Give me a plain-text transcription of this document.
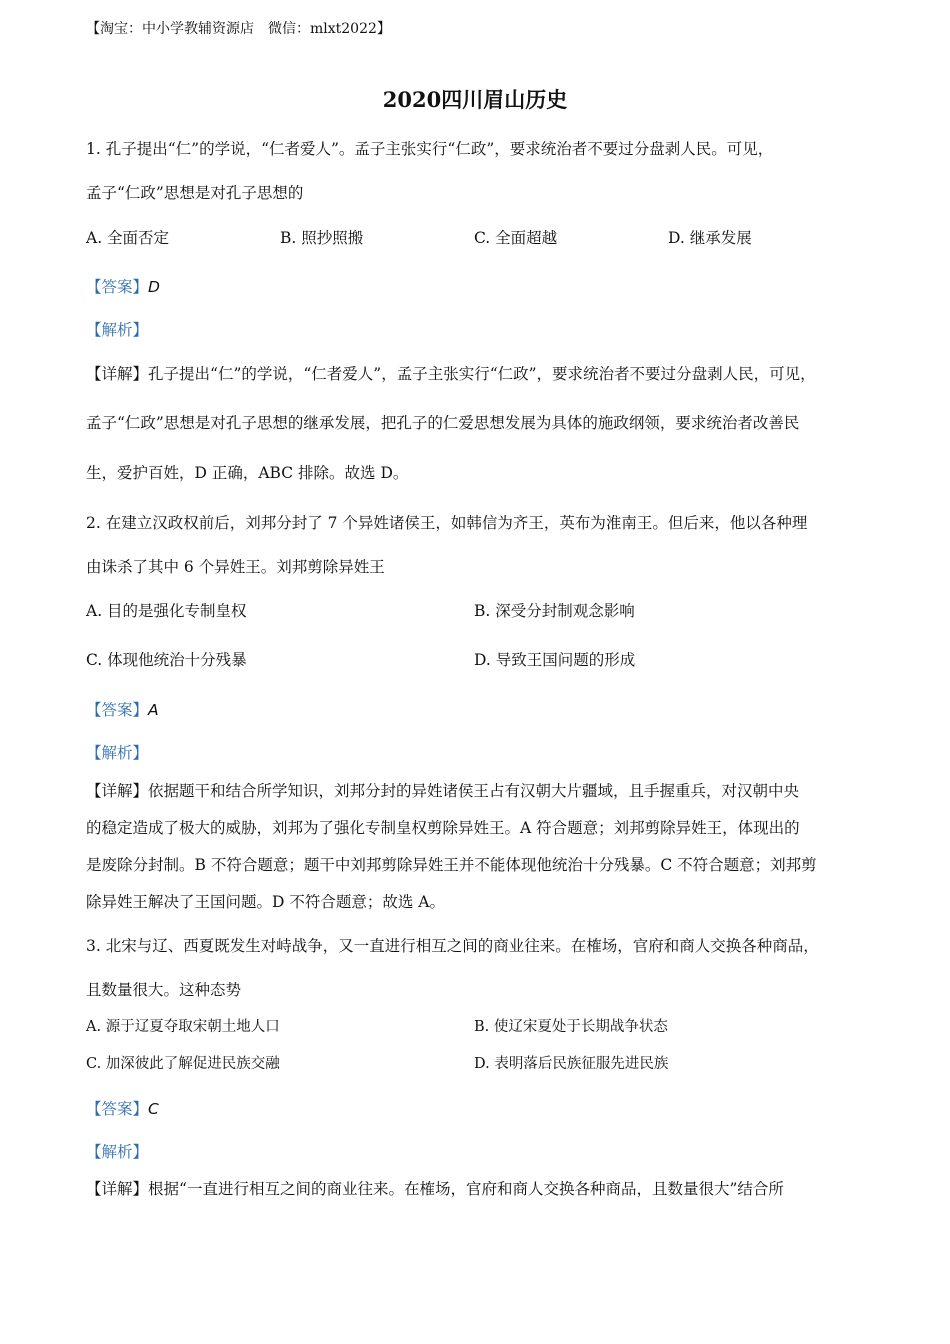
【淘宝：中小学教辅资源店　微信：mlxt2022】
2020四川眉山历史
1. 孔子提出“仁”的学说，“仁者爱人”。孟子主张实行“仁政”，要求统治者不要过分盘剥人民。可见，
孟子“仁政”思想是对孔子思想的
A. 全面否定	B. 照抄照搬	C. 全面超越	D. 继承发展
【答案】D
【解析】
【详解】孔子提出“仁”的学说，“仁者爱人”，孟子主张实行“仁政”，要求统治者不要过分盘剥人民，可见，
孟子“仁政”思想是对孔子思想的继承发展，把孔子的仁爱思想发展为具体的施政纲领，要求统治者改善民
生，爱护百姓，D 正确，ABC 排除。故选 D。
2. 在建立汉政权前后，刘邦分封了 7 个异姓诸侯王，如韩信为齐王，英布为淮南王。但后来，他以各种理
由诛杀了其中 6 个异姓王。刘邦剪除异姓王
A. 目的是强化专制皇权	B. 深受分封制观念影响
C. 体现他统治十分残暴	D. 导致王国问题的形成
【答案】A
【解析】
【详解】依据题干和结合所学知识，刘邦分封的异姓诸侯王占有汉朝大片疆域，且手握重兵，对汉朝中央
的稳定造成了极大的威胁，刘邦为了强化专制皇权剪除异姓王。A 符合题意；刘邦剪除异姓王，体现出的
是废除分封制。B 不符合题意；题干中刘邦剪除异姓王并不能体现他统治十分残暴。C 不符合题意；刘邦剪
除异姓王解决了王国问题。D 不符合题意；故选 A。
3. 北宋与辽、西夏既发生对峙战争，又一直进行相互之间的商业往来。在榷场，官府和商人交换各种商品，
且数量很大。这种态势
A. 源于辽夏夺取宋朝土地人口	B. 使辽宋夏处于长期战争状态
C. 加深彼此了解促进民族交融	D. 表明落后民族征服先进民族
【答案】C
【解析】
【详解】根据“一直进行相互之间的商业往来。在榷场，官府和商人交换各种商品，且数量很大”结合所
